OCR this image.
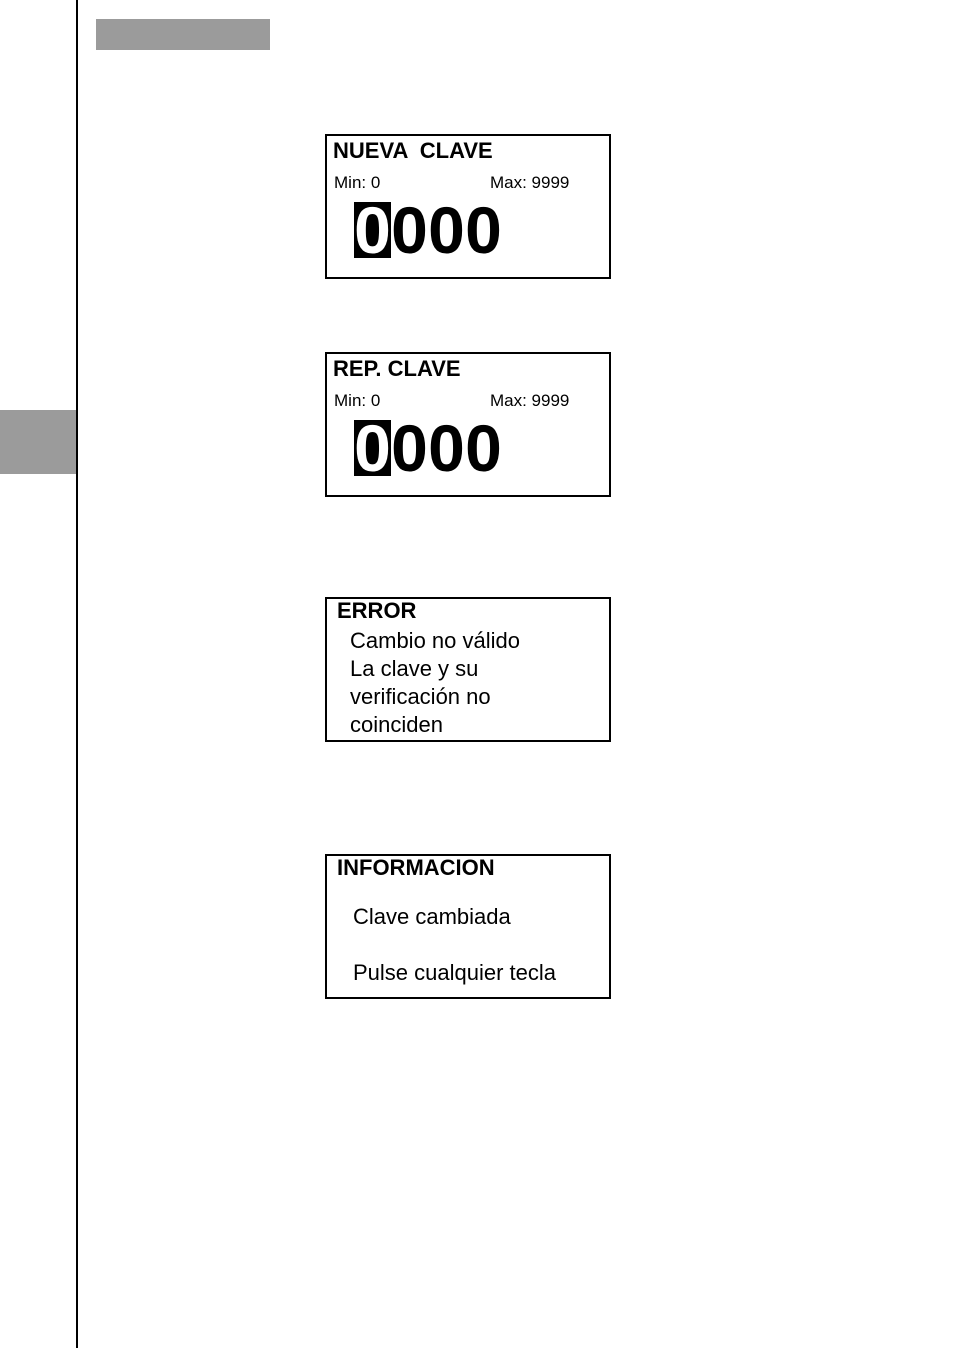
NUEVA  CLAVE
Min: 0	Max: 9999
0 0 0 0
REP. CLAVE
Min: 0	Max: 9999
0 0 0 0
ERROR
Cambio no válido
La clave y su
verificación no
coinciden
INFORMACION
Clave cambiada
Pulse cualquier tecla
